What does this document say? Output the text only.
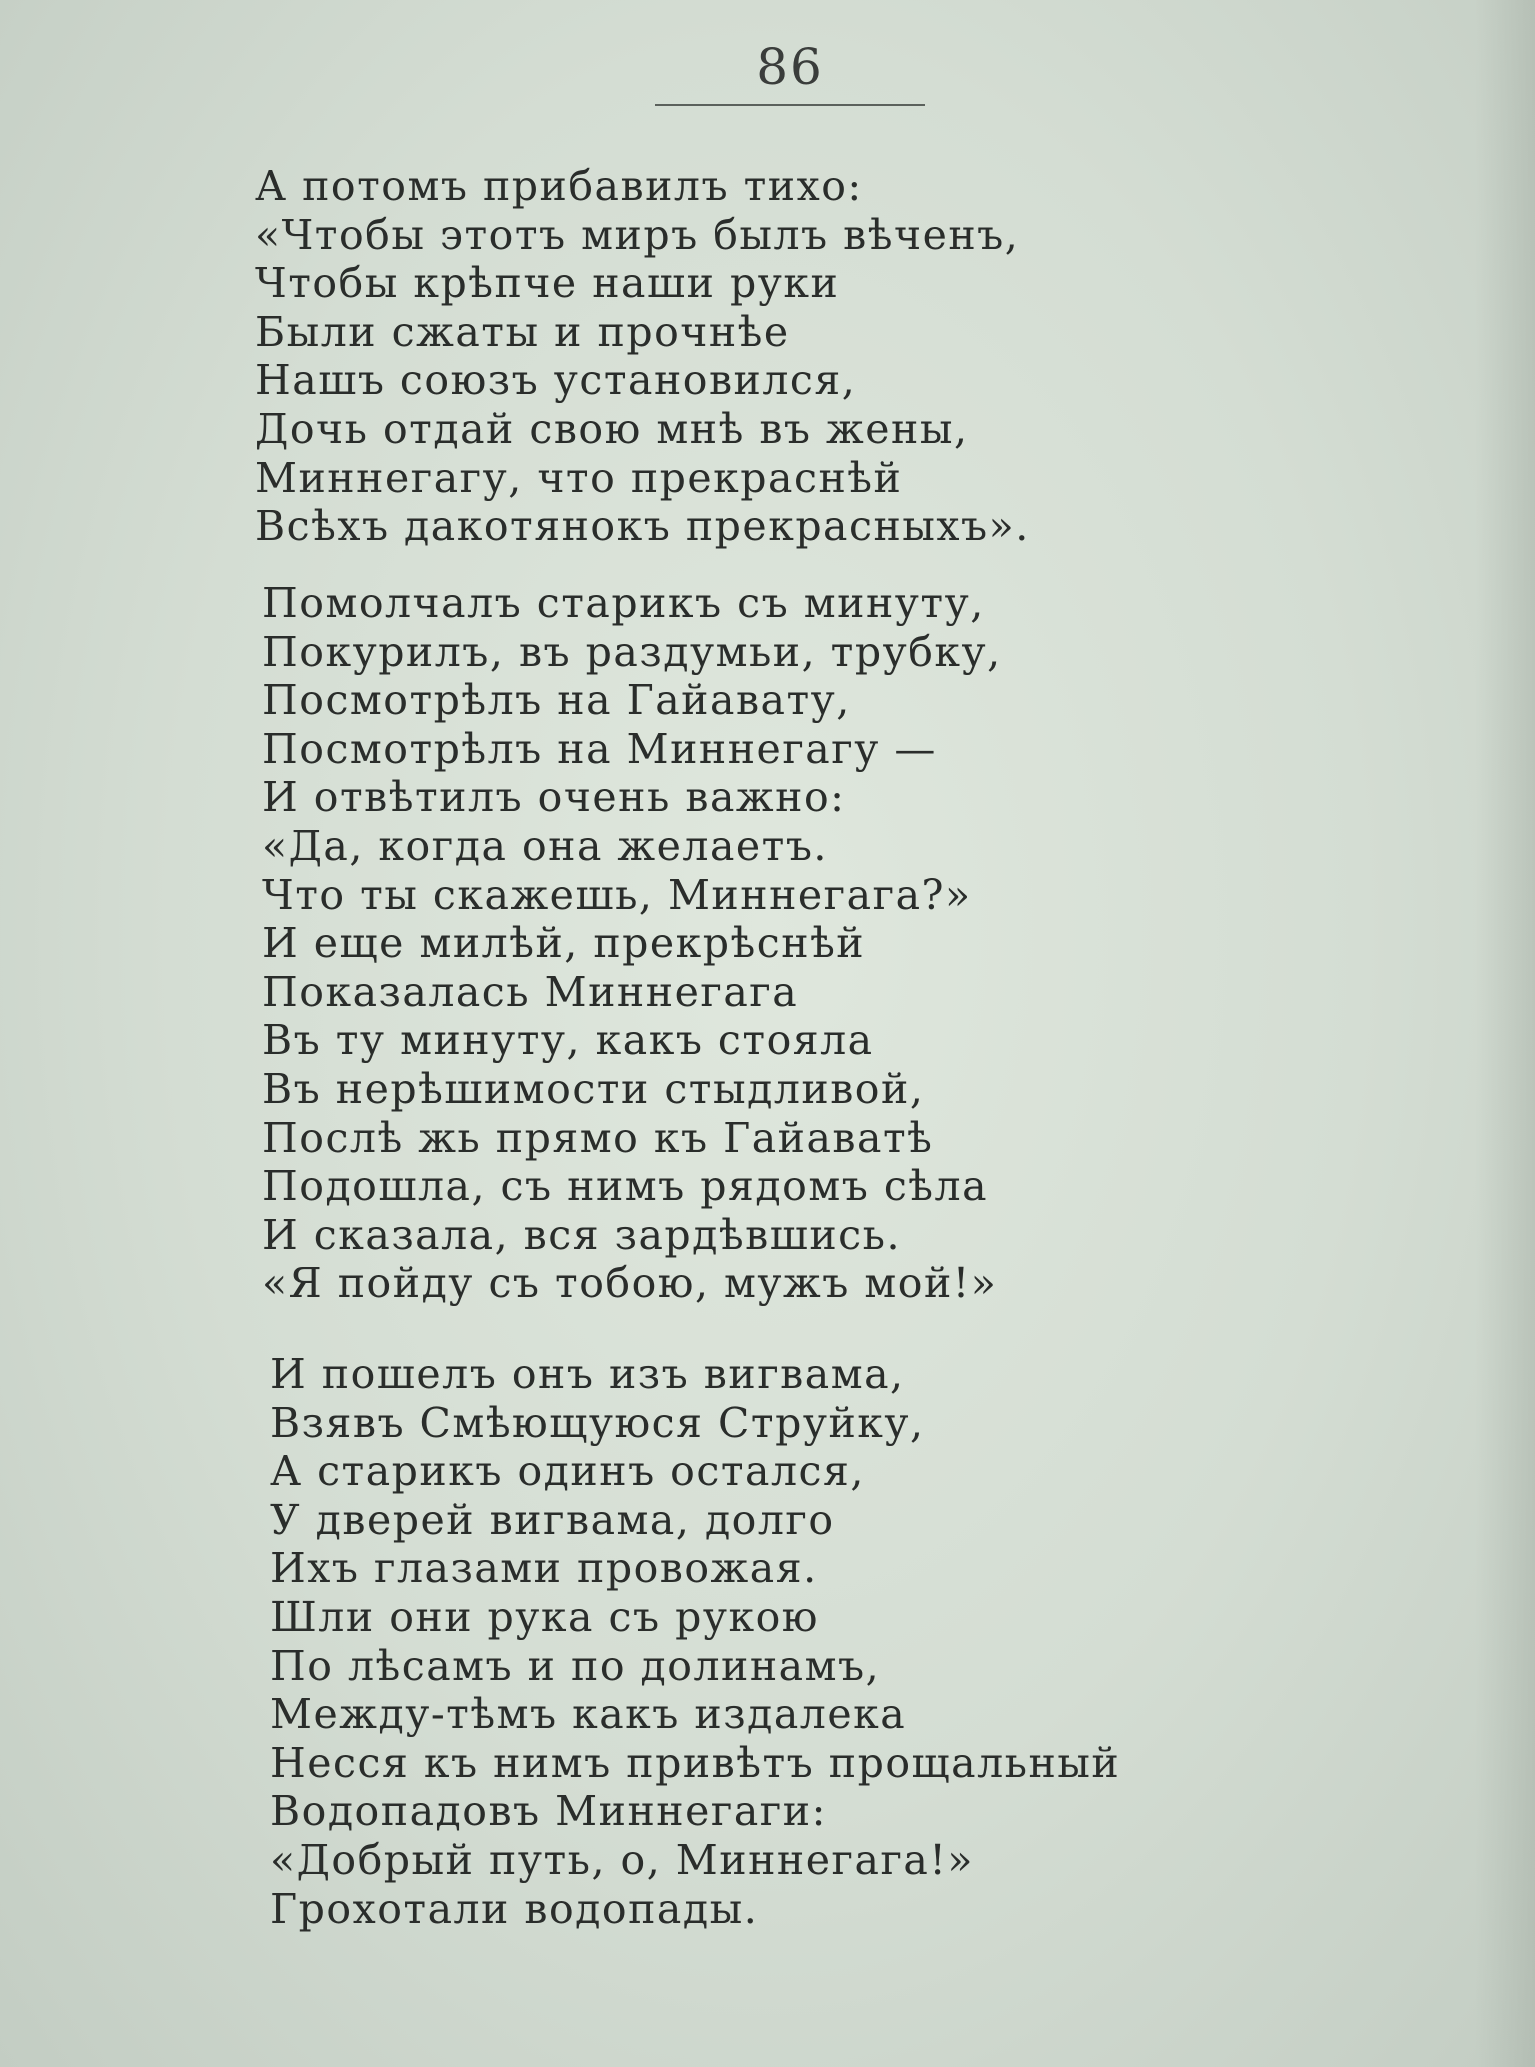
86
А потомъ прибавилъ тихо:
«Чтобы этотъ миръ былъ вѣченъ,
Чтобы крѣпче наши руки
Были сжаты и прочнѣе
Нашъ союзъ установился,
Дочь отдай свою мнѣ въ жены,
Миннегагу, что прекраснѣй
Всѣхъ дакотянокъ прекрасныхъ».
Помолчалъ старикъ съ минуту,
Покурилъ, въ раздумьи, трубку,
Посмотрѣлъ на Гайавату,
Посмотрѣлъ на Миннегагу —
И отвѣтилъ очень важно:
«Да, когда она желаетъ.
Что ты скажешь, Миннегага?»
И еще милѣй, прекрѣснѣй
Показалась Миннегага
Въ ту минуту, какъ стояла
Въ нерѣшимости стыдливой,
Послѣ жь прямо къ Гайаватѣ
Подошла, съ нимъ рядомъ сѣла
И сказала, вся зардѣвшись.
«Я пойду съ тобою, мужъ мой!»
И пошелъ онъ изъ вигвама,
Взявъ Смѣющуюся Струйку,
А старикъ одинъ остался,
У дверей вигвама, долго
Ихъ глазами провожая.
Шли они рука съ рукою
По лѣсамъ и по долинамъ,
Между-тѣмъ какъ издалека
Несся къ нимъ привѣтъ прощальный
Водопадовъ Миннегаги:
«Добрый путь, о, Миннегага!»
Грохотали водопады.
